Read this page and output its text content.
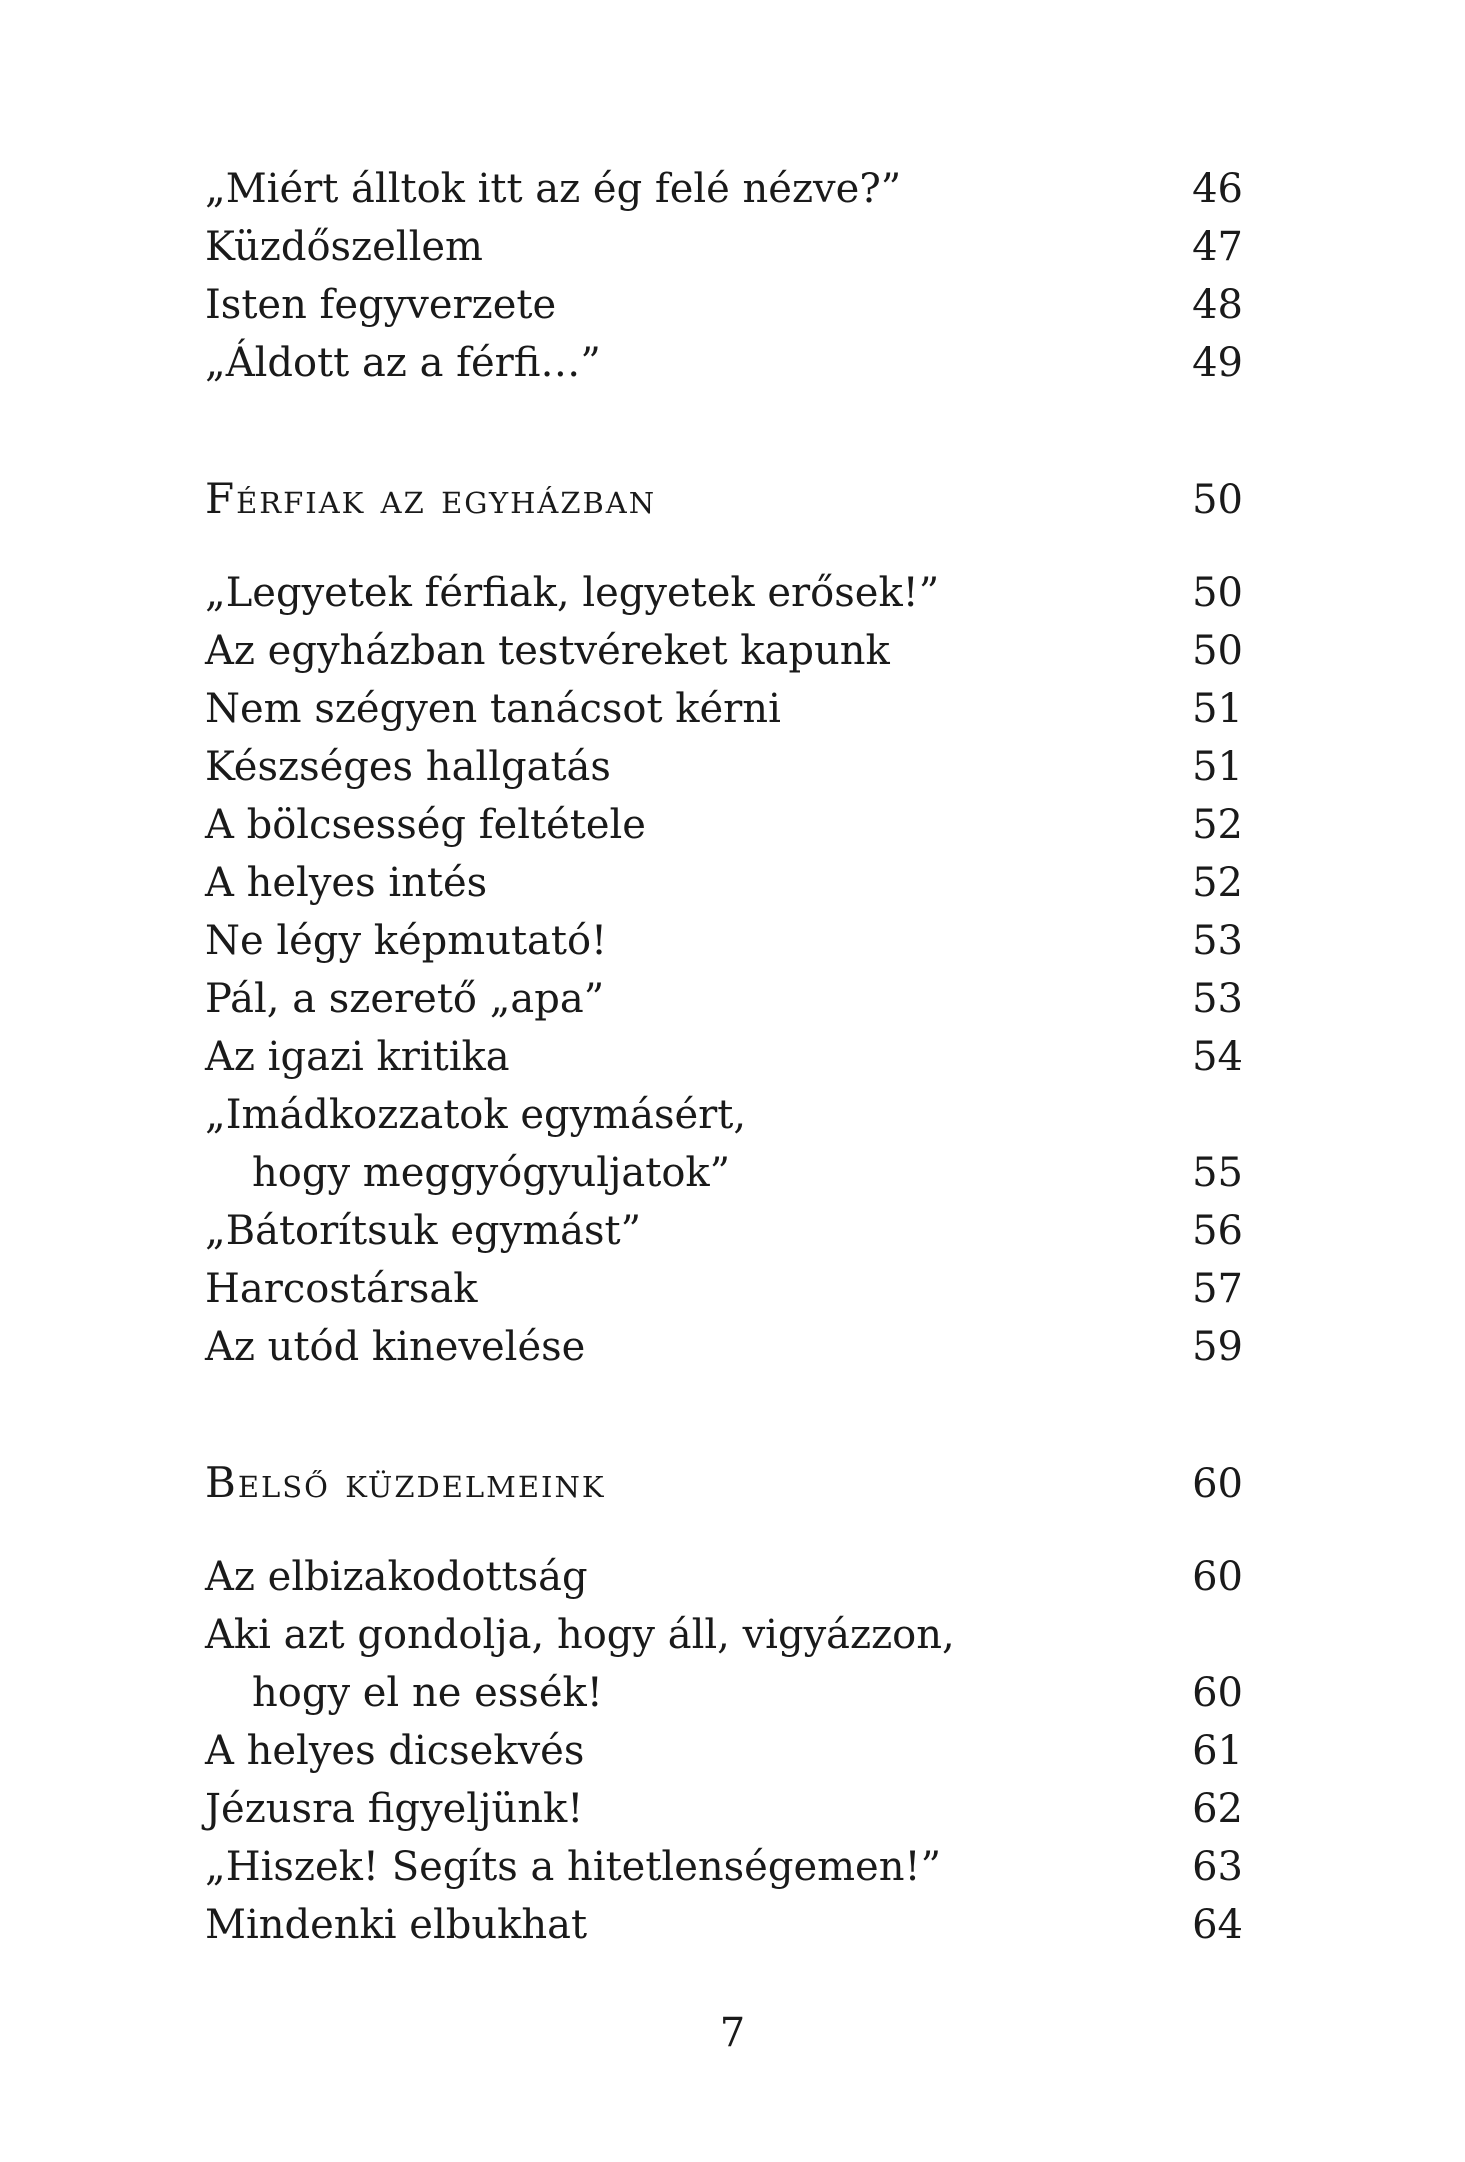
„Miért álltok itt az ég felé nézve?”	46
Küzdőszellem	47
Isten fegyverzete	48
„Áldott az a férfi…”	49
Férfiak az egyházban	50
„Legyetek férfiak, legyetek erősek!”	50
Az egyházban testvéreket kapunk	50
Nem szégyen tanácsot kérni	51
Készséges hallgatás	51
A bölcsesség feltétele	52
A helyes intés	52
Ne légy képmutató!	53
Pál, a szerető „apa”	53
Az igazi kritika	54
„Imádkozzatok egymásért,
hogy meggyógyuljatok”	55
„Bátorítsuk egymást”	56
Harcostársak	57
Az utód kinevelése	59
Belső küzdelmeink	60
Az elbizakodottság	60
Aki azt gondolja, hogy áll, vigyázzon,
hogy el ne essék!	60
A helyes dicsekvés	61
Jézusra figyeljünk!	62
„Hiszek! Segíts a hitetlenségemen!”	63
Mindenki elbukhat	64
7
